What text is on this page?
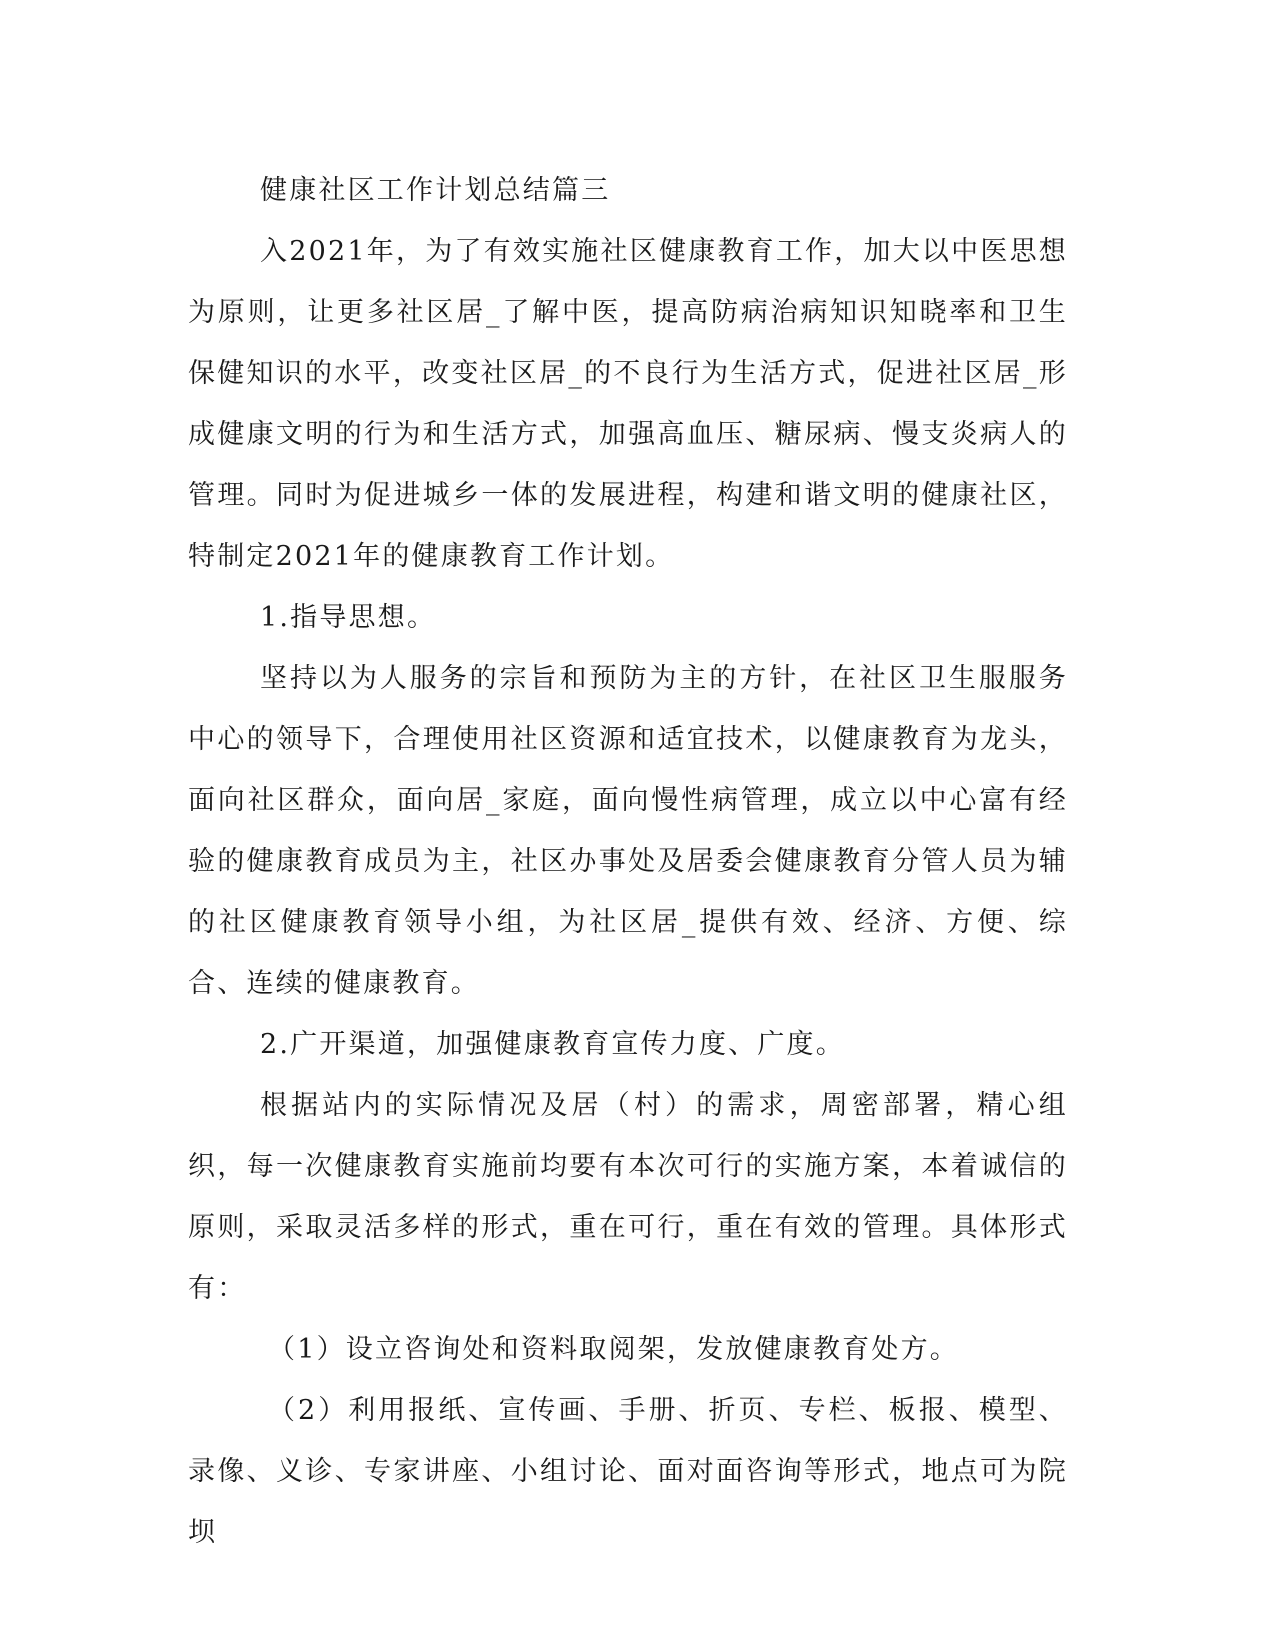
健康社区工作计划总结篇三

入2021年，为了有效实施社区健康教育工作，加大以中医思想为原则，让更多社区居_了解中医，提高防病治病知识知晓率和卫生保健知识的水平，改变社区居_的不良行为生活方式，促进社区居_形成健康文明的行为和生活方式，加强高血压、糖尿病、慢支炎病人的管理。同时为促进城乡一体的发展进程，构建和谐文明的健康社区，特制定2021年的健康教育工作计划。

1.指导思想。

坚持以为人服务的宗旨和预防为主的方针，在社区卫生服服务中心的领导下，合理使用社区资源和适宜技术，以健康教育为龙头，面向社区群众，面向居_家庭，面向慢性病管理，成立以中心富有经验的健康教育成员为主，社区办事处及居委会健康教育分管人员为辅的社区健康教育领导小组，为社区居_提供有效、经济、方便、综合、连续的健康教育。

2.广开渠道，加强健康教育宣传力度、广度。

根据站内的实际情况及居（村）的需求，周密部署，精心组织，每一次健康教育实施前均要有本次可行的实施方案，本着诚信的原则，采取灵活多样的形式，重在可行，重在有效的管理。具体形式有：

（1）设立咨询处和资料取阅架，发放健康教育处方。

（2）利用报纸、宣传画、手册、折页、专栏、板报、模型、录像、义诊、专家讲座、小组讨论、面对面咨询等形式，地点可为院坝
